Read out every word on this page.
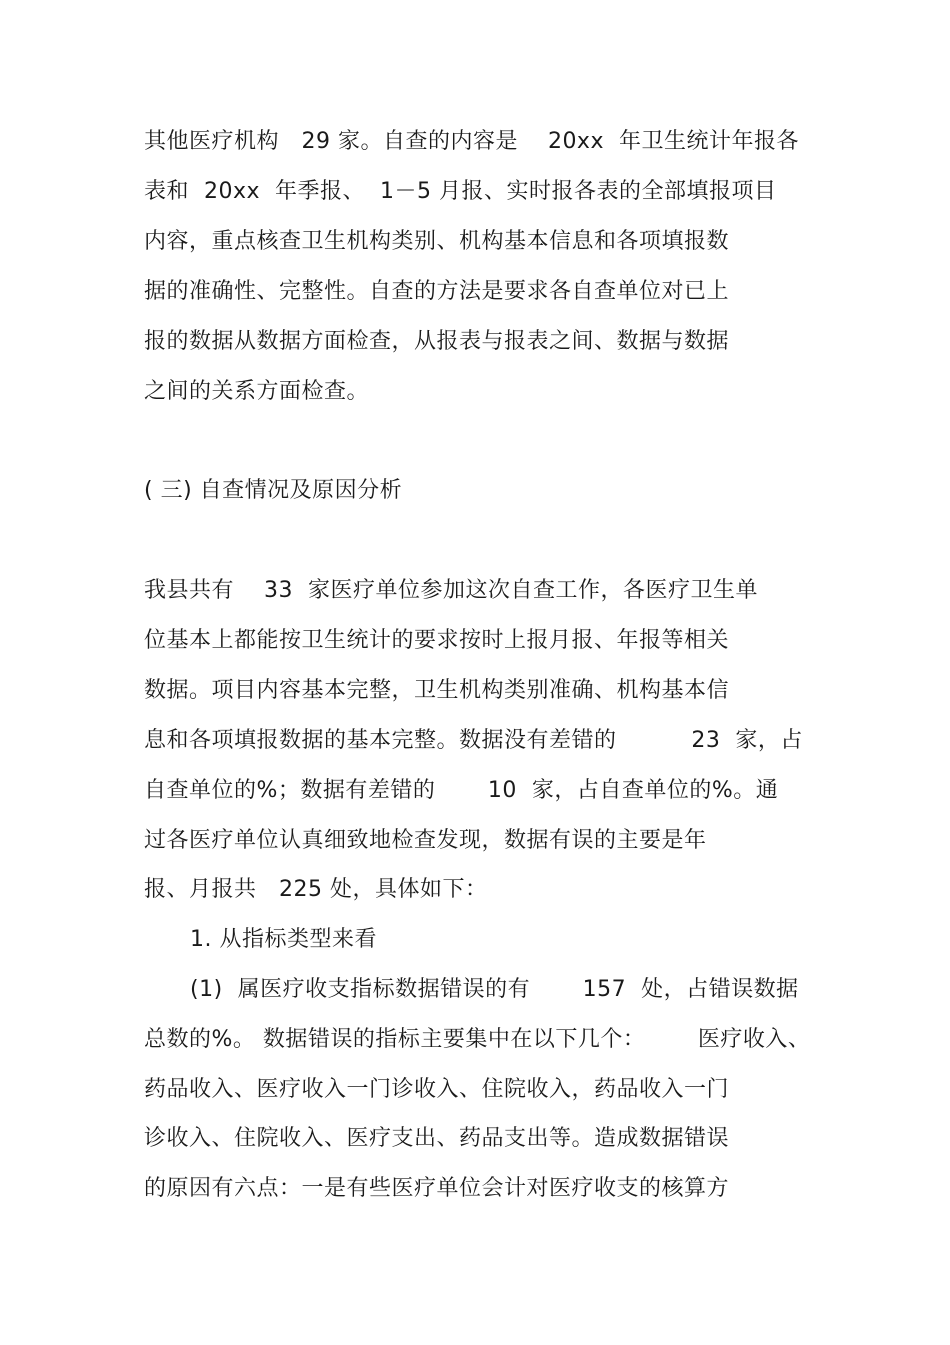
其他医疗机构   29 家。自查的内容是    20xx  年卫生统计年报各
表和  20xx  年季报、  1－5 月报、实时报各表的全部填报项目
内容，重点核查卫生机构类别、机构基本信息和各项填报数
据的准确性、完整性。自查的方法是要求各自查单位对已上
报的数据从数据方面检查，从报表与报表之间、数据与数据
之间的关系方面检查。
( 三) 自查情况及原因分析
我县共有    33  家医疗单位参加这次自查工作，各医疗卫生单
位基本上都能按卫生统计的要求按时上报月报、年报等相关
数据。项目内容基本完整，卫生机构类别准确、机构基本信
息和各项填报数据的基本完整。数据没有差错的          23  家，占
自查单位的%；数据有差错的       10  家，占自查单位的%。通
过各医疗单位认真细致地检查发现，数据有误的主要是年
报、月报共   225 处，具体如下：
1. 从指标类型来看
(1)  属医疗收支指标数据错误的有       157  处，占错误数据
总数的%。 数据错误的指标主要集中在以下几个：       医疗收入、
药品收入、医疗收入一门诊收入、住院收入，药品收入一门
诊收入、住院收入、医疗支出、药品支出等。造成数据错误
的原因有六点：一是有些医疗单位会计对医疗收支的核算方
